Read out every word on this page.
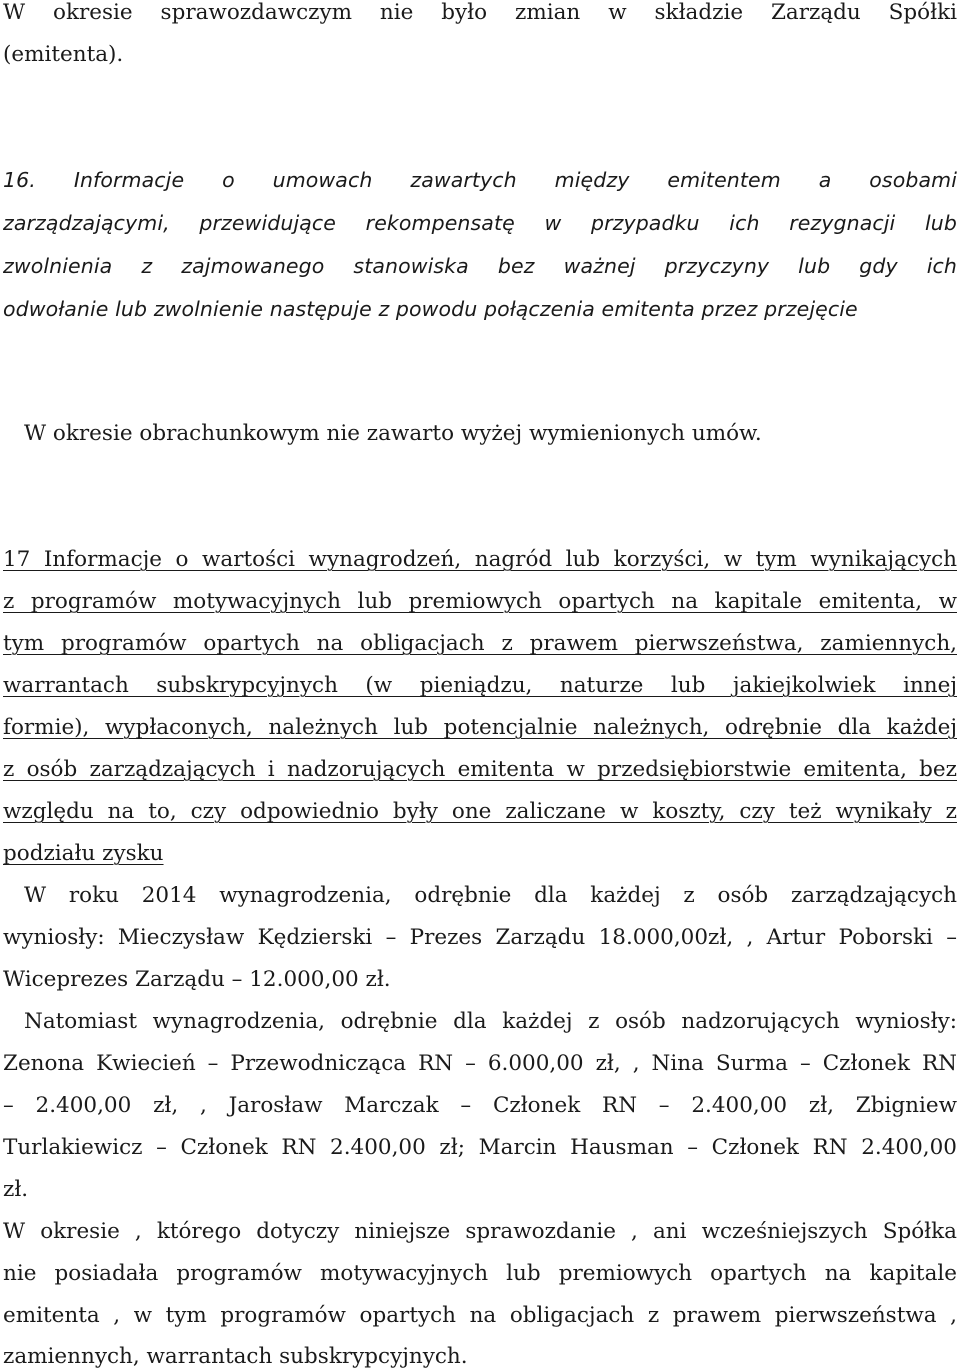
W okresie sprawozdawczym nie było zmian w składzie Zarządu Spółki
(emitenta).
16. Informacje o umowach zawartych między emitentem a osobami
zarządzającymi, przewidujące rekompensatę w przypadku ich rezygnacji lub
zwolnienia z zajmowanego stanowiska bez ważnej przyczyny lub gdy ich
odwołanie lub zwolnienie następuje z powodu połączenia emitenta przez przejęcie
W okresie obrachunkowym nie zawarto wyżej wymienionych umów.
17 Informacje o wartości wynagrodzeń, nagród lub korzyści, w tym wynikających
z programów motywacyjnych lub premiowych opartych na kapitale emitenta, w
tym programów opartych na obligacjach z prawem pierwszeństwa, zamiennych,
warrantach subskrypcyjnych (w pieniądzu, naturze lub jakiejkolwiek innej
formie), wypłaconych, należnych lub potencjalnie należnych, odrębnie dla każdej
z osób zarządzających i nadzorujących emitenta w przedsiębiorstwie emitenta, bez
względu na to, czy odpowiednio były one zaliczane w koszty, czy też wynikały z
podziału zysku
W roku 2014 wynagrodzenia, odrębnie dla każdej z osób zarządzających
wyniosły: Mieczysław Kędzierski – Prezes Zarządu 18.000,00zł, , Artur Poborski –
Wiceprezes Zarządu – 12.000,00 zł.
Natomiast wynagrodzenia, odrębnie dla każdej z osób nadzorujących wyniosły:
Zenona Kwiecień – Przewodnicząca RN – 6.000,00 zł, , Nina Surma – Członek RN
– 2.400,00 zł, , Jarosław Marczak – Członek RN – 2.400,00 zł, Zbigniew
Turlakiewicz – Członek RN 2.400,00 zł; Marcin Hausman – Członek RN 2.400,00
zł.
W okresie , którego dotyczy niniejsze sprawozdanie , ani wcześniejszych Spółka
nie posiadała programów motywacyjnych lub premiowych opartych na kapitale
emitenta , w tym programów opartych na obligacjach z prawem pierwszeństwa ,
zamiennych, warrantach subskrypcyjnych.
